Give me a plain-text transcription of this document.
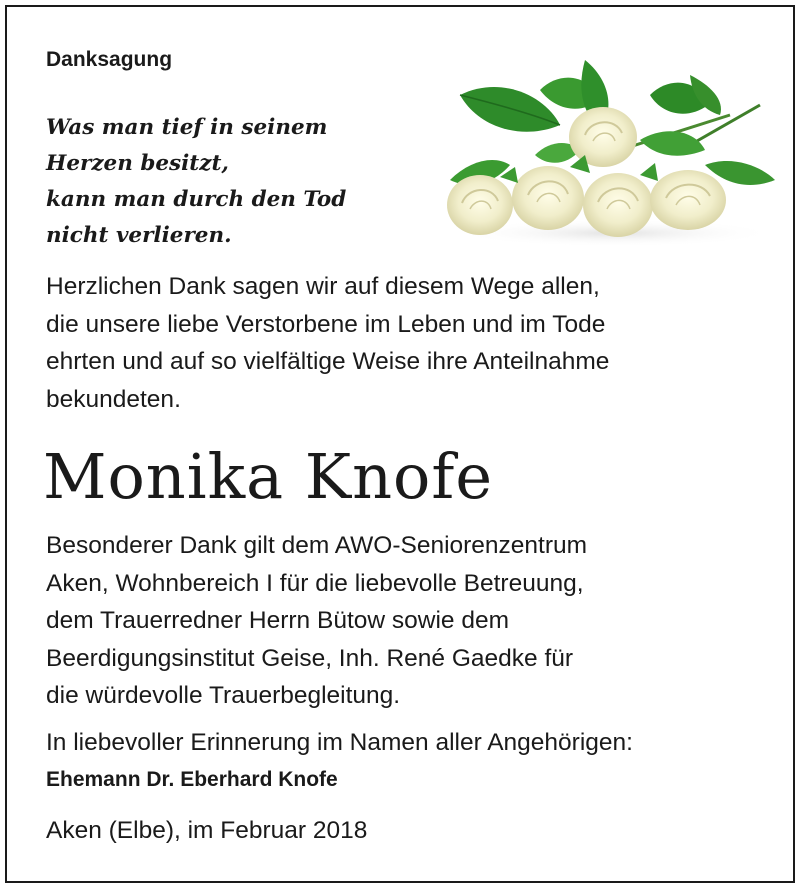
Danksagung
Was man tief in seinem
Herzen besitzt,
kann man durch den Tod
nicht verlieren.
Herzlichen Dank sagen wir auf diesem Wege allen,
die unsere liebe Verstorbene im Leben und im Tode
ehrten und auf so vielfältige Weise ihre Anteilnahme
bekundeten.
Monika Knofe
Besonderer Dank gilt dem AWO-Seniorenzentrum
Aken, Wohnbereich I für die liebevolle Betreuung,
dem Trauerredner Herrn Bütow sowie dem
Beerdigungsinstitut Geise, Inh. René Gaedke für
die würdevolle Trauerbegleitung.
In liebevoller Erinnerung im Namen aller Angehörigen:
Ehemann Dr. Eberhard Knofe
Aken (Elbe), im Februar 2018
